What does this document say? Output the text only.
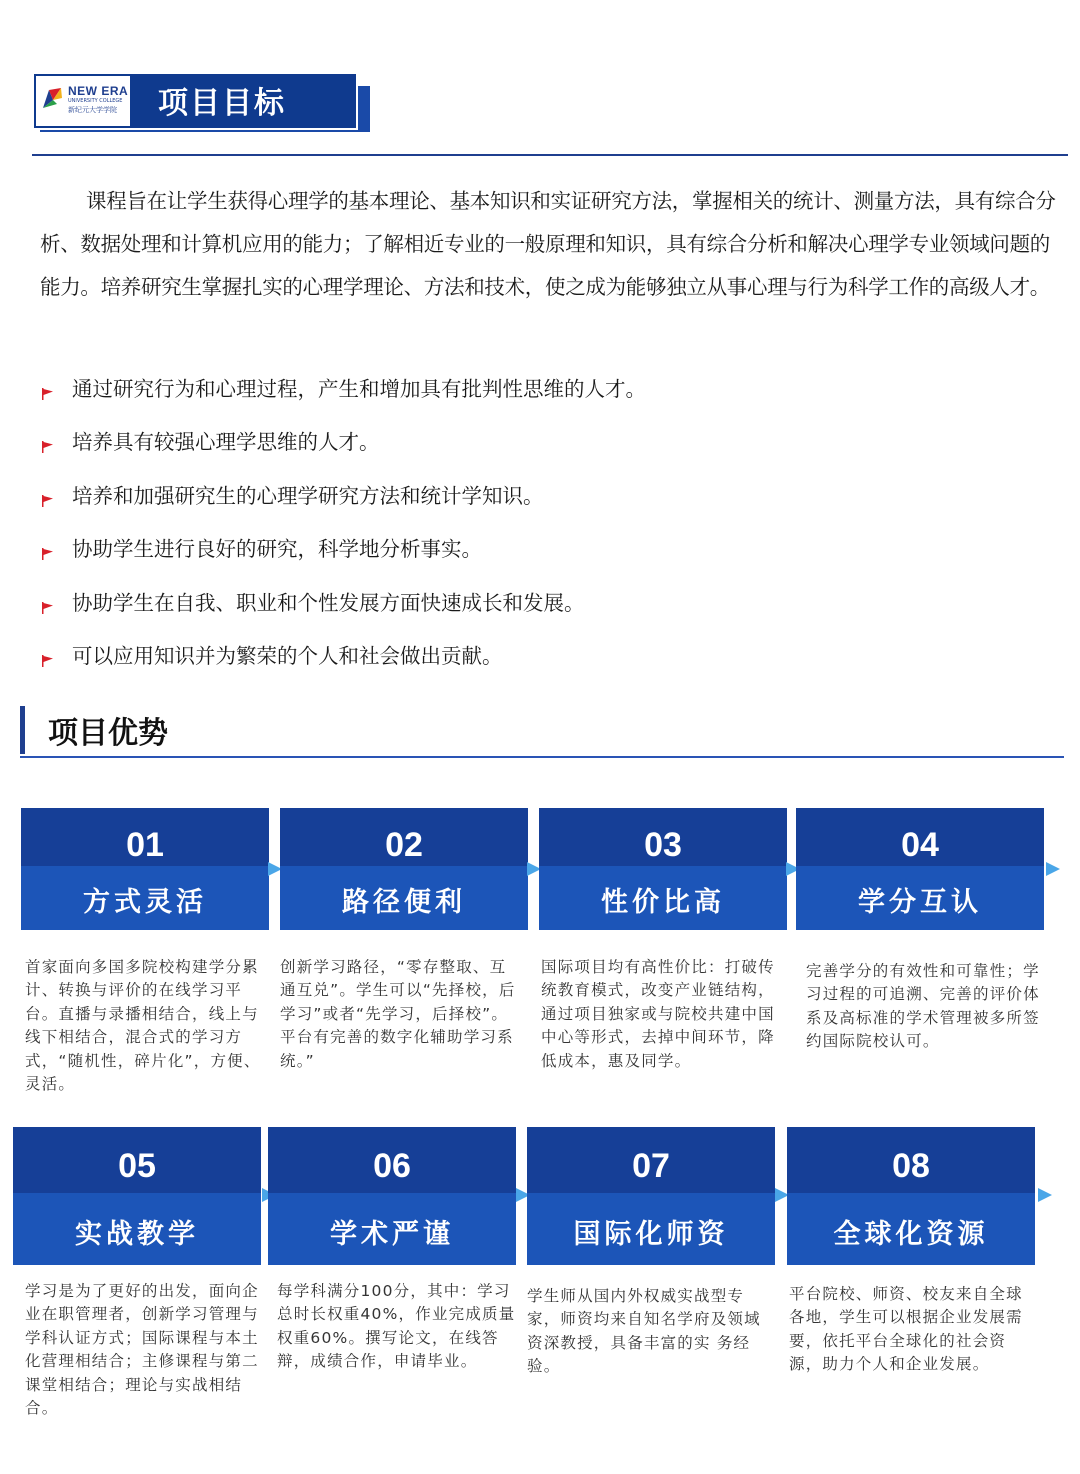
NEW ERA
UNIVERSITY COLLEGE
新纪元大学学院 项目目标
课程旨在让学生获得心理学的基本理论、基本知识和实证研究方法，掌握相关的统计、测量方法，具有综合分析、数据处理和计算机应用的能力；了解相近专业的一般原理和知识，具有综合分析和解决心理学专业领域问题的能力。培养研究生掌握扎实的心理学理论、方法和技术，使之成为能够独立从事心理与行为科学工作的高级人才。
通过研究行为和心理过程，产生和增加具有批判性思维的人才。
培养具有较强心理学思维的人才。
培养和加强研究生的心理学研究方法和统计学知识。
协助学生进行良好的研究，科学地分析事实。
协助学生在自我、职业和个性发展方面快速成长和发展。
可以应用知识并为繁荣的个人和社会做出贡献。
项目优势
01
方式灵活
02
路径便利
03
性价比高
04
学分互认
首家面向多国多院校构建学分累计、转换与评价的在线学习平台。直播与录播相结合，线上与线下相结合，混合式的学习方式，“随机性，碎片化”，方便、灵活。
创新学习路径，“零存整取、互通互兑”。学生可以“先择校，后学习”或者“先学习，后择校”。平台有完善的数字化辅助学习系统。”
国际项目均有高性价比：打破传统教育模式，改变产业链结构，通过项目独家或与院校共建中国中心等形式，去掉中间环节，降低成本，惠及同学。
完善学分的有效性和可靠性；学习过程的可追溯、完善的评价体系及高标准的学术管理被多所签约国际院校认可。
05
实战教学
06
学术严谨
07
国际化师资
08
全球化资源
学习是为了更好的出发，面向企业在职管理者，创新学习管理与学科认证方式；国际课程与本土化营理相结合；主修课程与第二课堂相结合；理论与实战相结合。
每学科满分100分，其中：学习总时长权重40%，作业完成质量权重60%。撰写论文，在线答辩，成绩合作，申请毕业。
学生师从国内外权威实战型专家，师资均来自知名学府及领域资深教授，具备丰富的实 务经验。
平台院校、师资、校友来自全球各地，学生可以根据企业发展需要，依托平台全球化的社会资源，助力个人和企业发展。
